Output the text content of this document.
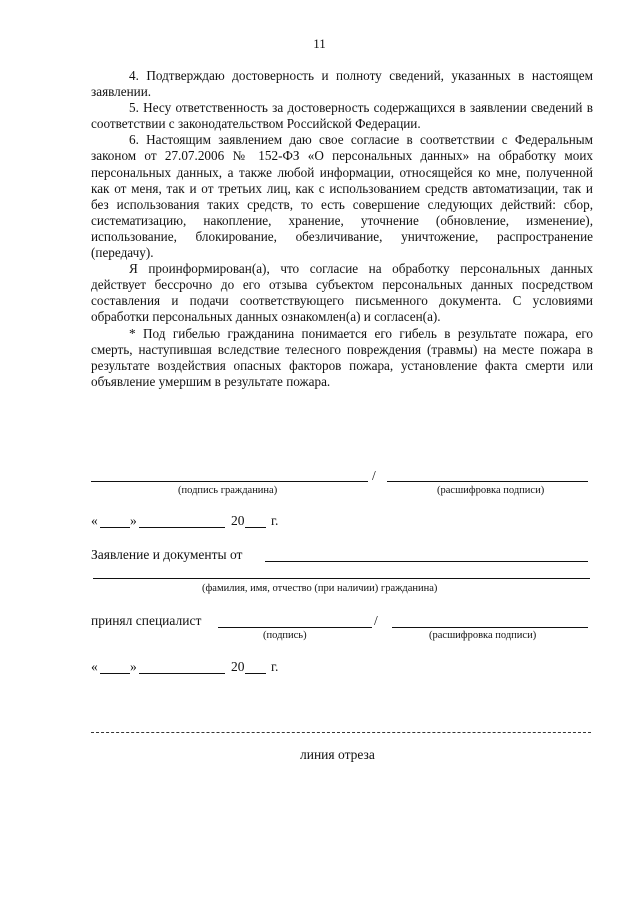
11

4. Подтверждаю достоверность и полноту сведений, указанных в настоящем заявлении.

5. Несу ответственность за достоверность содержащихся в заявлении сведений в соответствии с законодательством Российской Федерации.

6. Настоящим заявлением даю свое согласие в соответствии с Федеральным законом от 27.07.2006 № 152-ФЗ «О персональных данных» на обработку моих персональных данных, а также любой информации, относящейся ко мне, полученной как от меня, так и от третьих лиц, как с использованием средств автоматизации, так и без использования таких средств, то есть совершение следующих действий: сбор, систематизацию, накопление, хранение, уточнение (обновление, изменение), использование, блокирование, обезличивание, уничтожение, распространение (передачу).

Я проинформирован(а), что согласие на обработку персональных данных действует бессрочно до его отзыва субъектом персональных данных посредством составления и подачи соответствующего письменного документа. С условиями обработки персональных данных ознакомлен(а) и согласен(а).

* Под гибелью гражданина понимается его гибель в результате пожара, его смерть, наступившая вследствие телесного повреждения (травмы) на месте пожара в результате воздействия опасных факторов пожара, установление факта смерти или объявление умершим в результате пожара.

/
(подпись гражданина)	(расшифровка подписи)
« »	20 г.
Заявление и документы от
(фамилия, имя, отчество (при наличии) гражданина)
принял специалист	/
(подпись)	(расшифровка подписи)
« »	20 г.
линия отреза
